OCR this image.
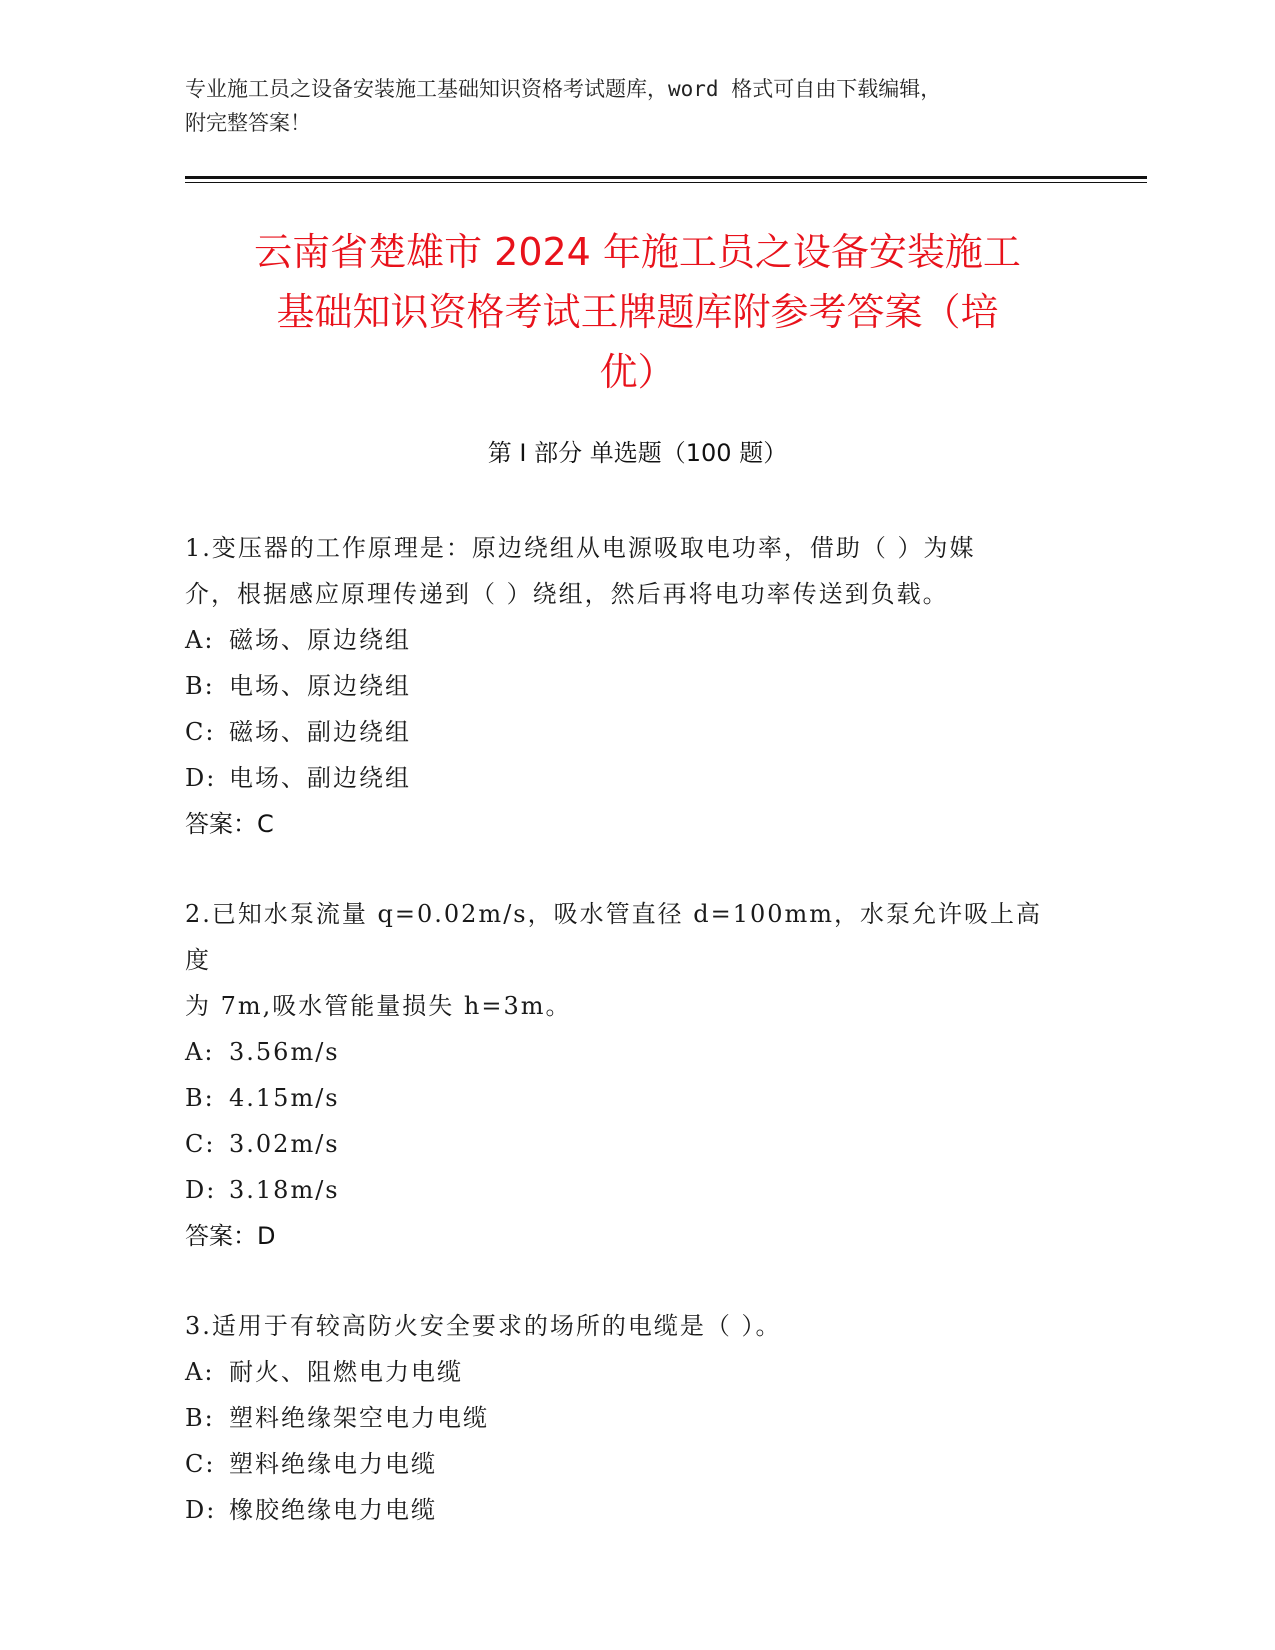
专业施工员之设备安装施工基础知识资格考试题库，word 格式可自由下载编辑，
附完整答案！
云南省楚雄市 2024 年施工员之设备安装施工
基础知识资格考试王牌题库附参考答案（培
优）
第 I 部分 单选题（100 题）
1.变压器的工作原理是：原边绕组从电源吸取电功率，借助（ ）为媒
介，根据感应原理传递到（ ）绕组，然后再将电功率传送到负载。
A: 磁场、原边绕组
B: 电场、原边绕组
C: 磁场、副边绕组
D: 电场、副边绕组
答案：C
2.已知水泵流量 q=0.02m/s，吸水管直径 d=100mm，水泵允许吸上高度
为 7m,吸水管能量损失 h=3m。
A: 3.56m/s
B: 4.15m/s
C: 3.02m/s
D: 3.18m/s
答案：D
3.适用于有较高防火安全要求的场所的电缆是（ ）。
A: 耐火、阻燃电力电缆
B: 塑料绝缘架空电力电缆
C: 塑料绝缘电力电缆
D: 橡胶绝缘电力电缆
